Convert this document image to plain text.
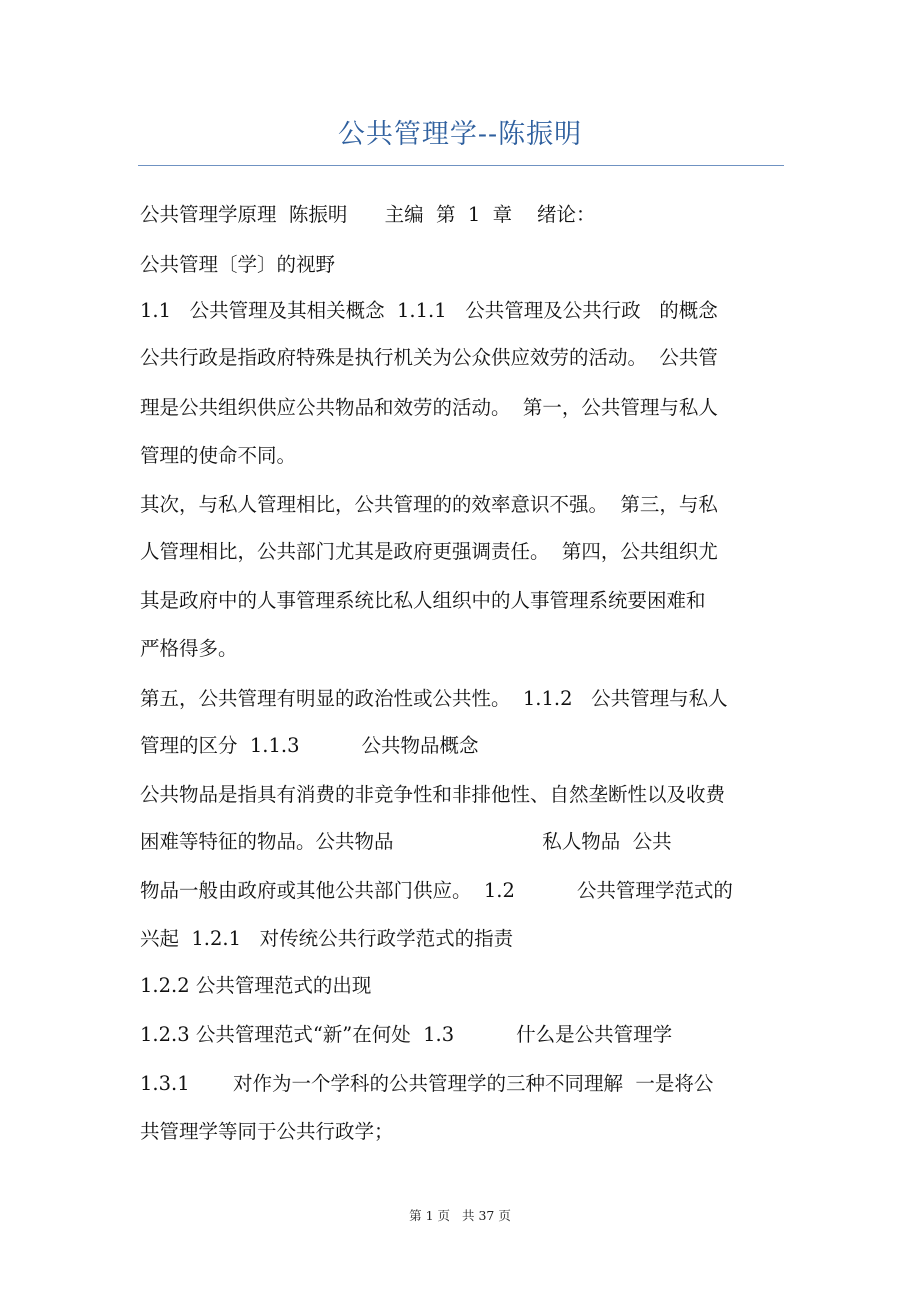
公共管理学--陈振明
公共管理学原理  陈振明      主编  第  1  章    绪论：
公共管理〔学〕的视野
1.1   公共管理及其相关概念  1.1.1   公共管理及公共行政   的概念
公共行政是指政府特殊是执行机关为公众供应效劳的活动。  公共管
理是公共组织供应公共物品和效劳的活动。  第一，公共管理与私人
管理的使命不同。
其次，与私人管理相比，公共管理的的效率意识不强。  第三，与私
人管理相比，公共部门尤其是政府更强调责任。  第四，公共组织尤
其是政府中的人事管理系统比私人组织中的人事管理系统要困难和
严格得多。
第五，公共管理有明显的政治性或公共性。  1.1.2   公共管理与私人
管理的区分  1.1.3          公共物品概念
公共物品是指具有消费的非竞争性和非排他性、自然垄断性以及收费
困难等特征的物品。公共物品                        私人物品  公共
物品一般由政府或其他公共部门供应。  1.2          公共管理学范式的
兴起  1.2.1   对传统公共行政学范式的指责
1.2.2 公共管理范式的出现
1.2.3 公共管理范式“新”在何处  1.3          什么是公共管理学
1.3.1       对作为一个学科的公共管理学的三种不同理解  一是将公
共管理学等同于公共行政学；
第 1 页   共 37 页
